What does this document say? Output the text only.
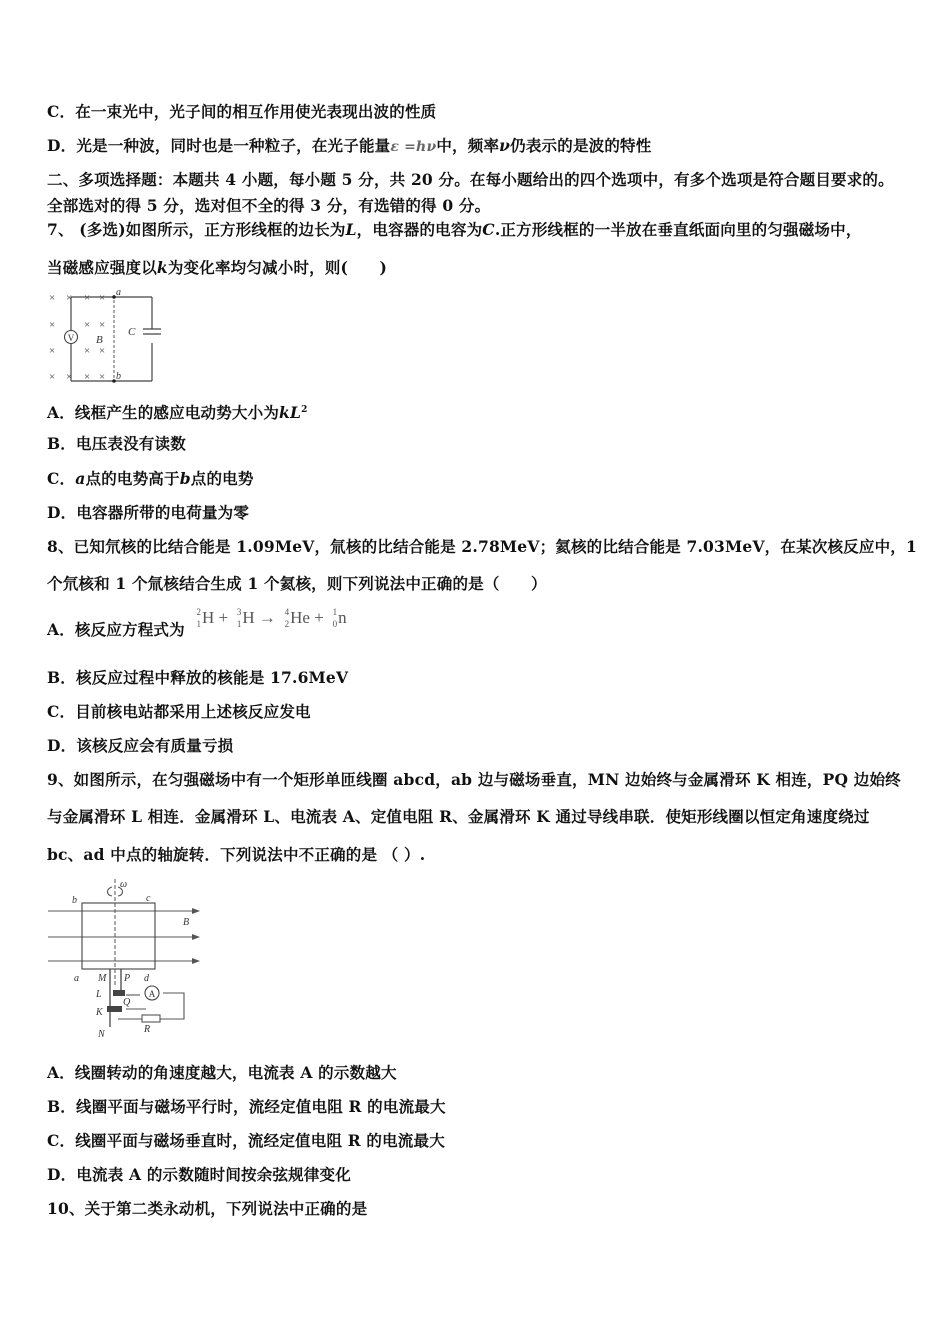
C．在一束光中，光子间的相互作用使光表现出波的性质
D．光是一种波，同时也是一种粒子，在光子能量ε =hν中，频率ν仍表示的是波的特性
二、多项选择题：本题共 4 小题，每小题 5 分，共 20 分。在每小题给出的四个选项中，有多个选项是符合题目要求的。
全部选对的得 5 分，选对但不全的得 3 分，有选错的得 0 分。
7、 (多选)如图所示，正方形线框的边长为L，电容器的电容为C.正方形线框的一半放在垂直纸面向里的匀强磁场中，
当磁感应强度以k为变化率均匀减小时，则(　　)
V
a
b
B
C
× × × ×
×	× ×
×	× ×
× × × ×
A．线框产生的感应电动势大小为$kL^2$
B．电压表没有读数
C．a点的电势高于b点的电势
D．电容器所带的电荷量为零
8、已知氘核的比结合能是 1.09MeV，氚核的比结合能是 2.78MeV；氦核的比结合能是 7.03MeV，在某次核反应中，1
个氘核和 1 个氚核结合生成 1 个氦核，则下列说法中正确的是（　　）
A．核反应方程式为
2
1 H + 3
1 H → 4
2 He + 1
0 n
B．核反应过程中释放的核能是 17.6MeV
C．目前核电站都采用上述核反应发电
D．该核反应会有质量亏损
9、如图所示，在匀强磁场中有一个矩形单匝线圈 abcd，ab 边与磁场垂直，MN 边始终与金属滑环 K 相连，PQ 边始终
与金属滑环 L 相连．金属滑环 L、电流表 A、定值电阻 R、金属滑环 K 通过导线串联．使矩形线圈以恒定角速度绕过
bc、ad 中点的轴旋转．下列说法中不正确的是 （ ）.
A
ω
b	c
B
a M P d
L
Q
K
R
N
A．线圈转动的角速度越大，电流表 A 的示数越大
B．线圈平面与磁场平行时，流经定值电阻 R 的电流最大
C．线圈平面与磁场垂直时，流经定值电阻 R 的电流最大
D．电流表 A 的示数随时间按余弦规律变化
10、关于第二类永动机，下列说法中正确的是
